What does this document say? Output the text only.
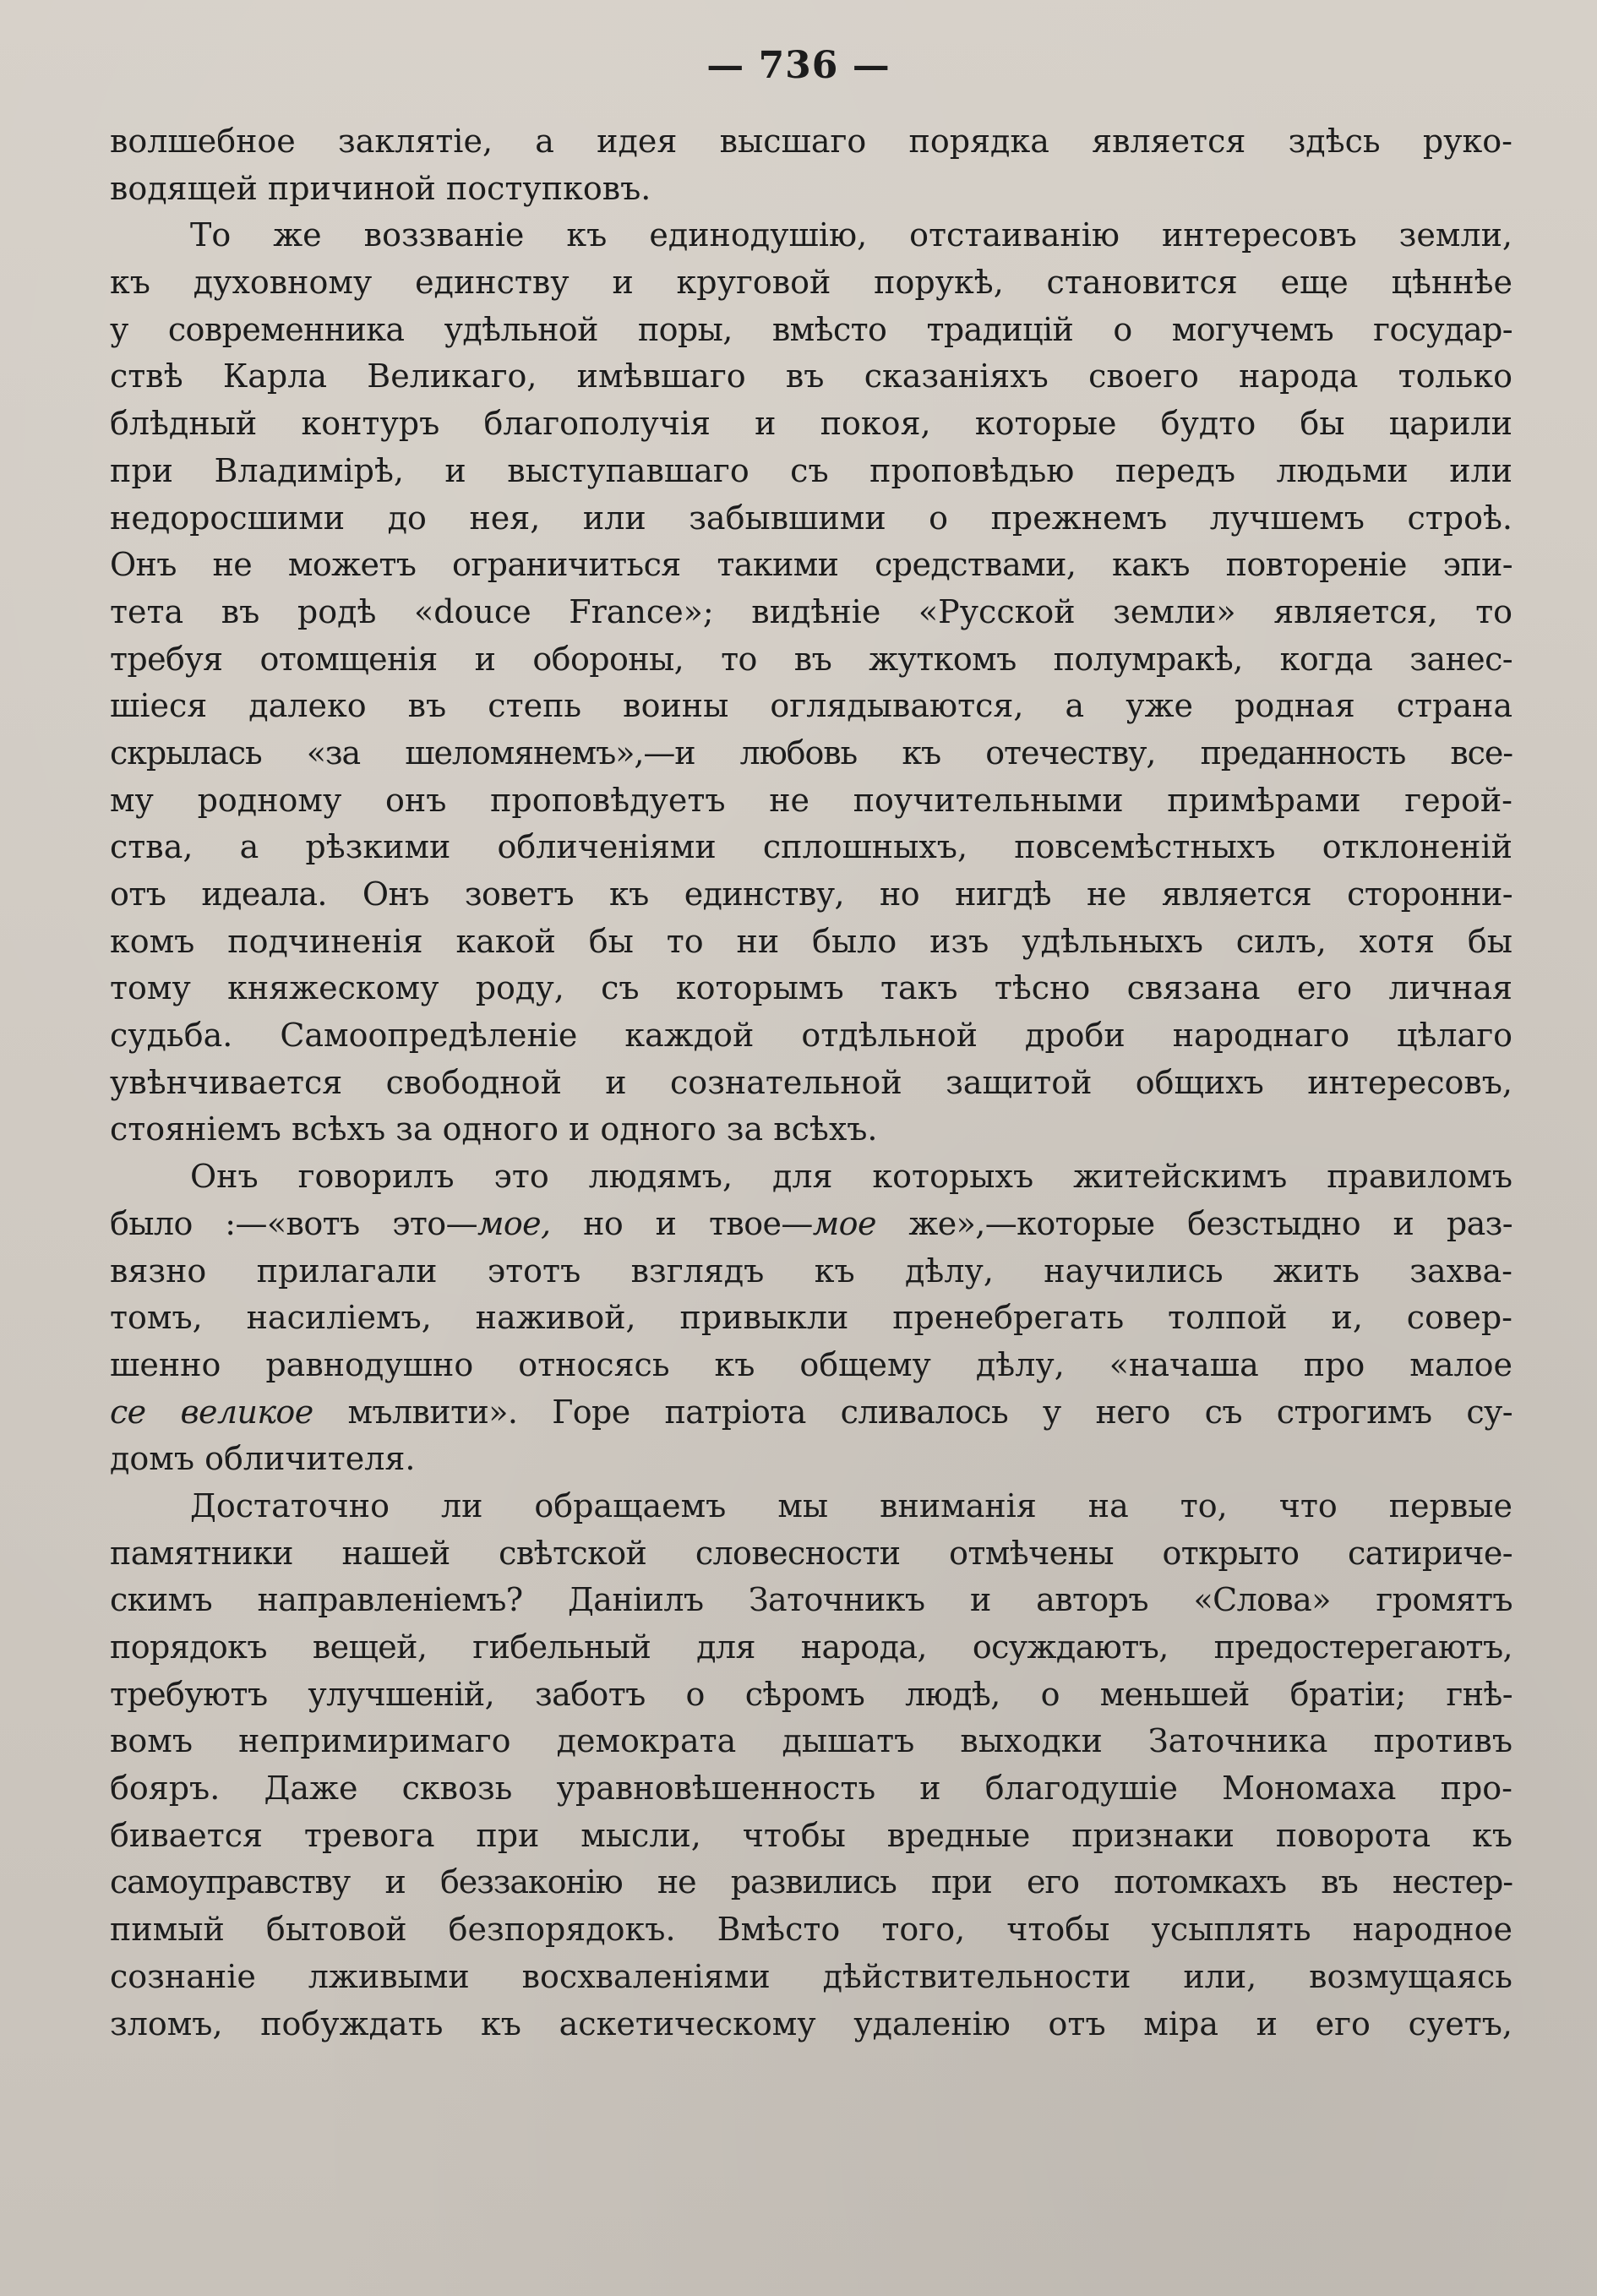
— 736 —
волшебное заклятіе, а идея высшаго порядка является здѣсь руко-
водящей причиной поступковъ.
То же воззваніе къ единодушію, отстаиванію интересовъ земли,
къ духовному единству и круговой порукѣ, становится еще цѣннѣе
у современника удѣльной поры, вмѣсто традицій о могучемъ государ-
ствѣ Карла Великаго, имѣвшаго въ сказаніяхъ своего народа только
блѣдный контуръ благополучія и покоя, которые будто бы царили
при Владимірѣ, и выступавшаго съ проповѣдью передъ людьми или
недоросшими до нея, или забывшими о прежнемъ лучшемъ строѣ.
Онъ не можетъ ограничиться такими средствами, какъ повтореніе эпи-
тета въ родѣ «douce France»; видѣніе «Русской земли» является, то
требуя отомщенія и обороны, то въ жуткомъ полумракѣ, когда занес-
шіеся далеко въ степь воины оглядываются, а уже родная страна
скрылась «за шеломянемъ»,—и любовь къ отечеству, преданность все-
му родному онъ проповѣдуетъ не поучительными примѣрами герой-
ства, а рѣзкими обличеніями сплошныхъ, повсемѣстныхъ отклоненій
отъ идеала. Онъ зоветъ къ единству, но нигдѣ не является сторонни-
комъ подчиненія какой бы то ни было изъ удѣльныхъ силъ, хотя бы
тому княжескому роду, съ которымъ такъ тѣсно связана его личная
судьба. Самоопредѣленіе каждой отдѣльной дроби народнаго цѣлаго
увѣнчивается свободной и сознательной защитой общихъ интересовъ,
стояніемъ всѣхъ за одного и одного за всѣхъ.
Онъ говорилъ это людямъ, для которыхъ житейскимъ правиломъ
было :—«вотъ это—мое, но и твое—мое же»,—которые безстыдно и раз-
вязно прилагали этотъ взглядъ къ дѣлу, научились жить захва-
томъ, насиліемъ, наживой, привыкли пренебрегать толпой и, совер-
шенно равнодушно относясь къ общему дѣлу, «начаша про малое
се великое мълвити». Горе патріота сливалось у него съ строгимъ су-
домъ обличителя.
Достаточно ли обращаемъ мы вниманія на то, что первые
памятники нашей свѣтской словесности отмѣчены открыто сатириче-
скимъ направленіемъ? Даніилъ Заточникъ и авторъ «Слова» громятъ
порядокъ вещей, гибельный для народа, осуждаютъ, предостерегаютъ,
требуютъ улучшеній, заботъ о сѣромъ людѣ, о меньшей братіи; гнѣ-
вомъ непримиримаго демократа дышатъ выходки Заточника противъ
бояръ. Даже сквозь уравновѣшенность и благодушіе Мономаха про-
бивается тревога при мысли, чтобы вредные признаки поворота къ
самоуправству и беззаконію не развились при его потомкахъ въ нестер-
пимый бытовой безпорядокъ. Вмѣсто того, чтобы усыплять народное
сознаніе лживыми восхваленіями дѣйствительности или, возмущаясь
зломъ, побуждать къ аскетическому удаленію отъ міра и его суетъ,
